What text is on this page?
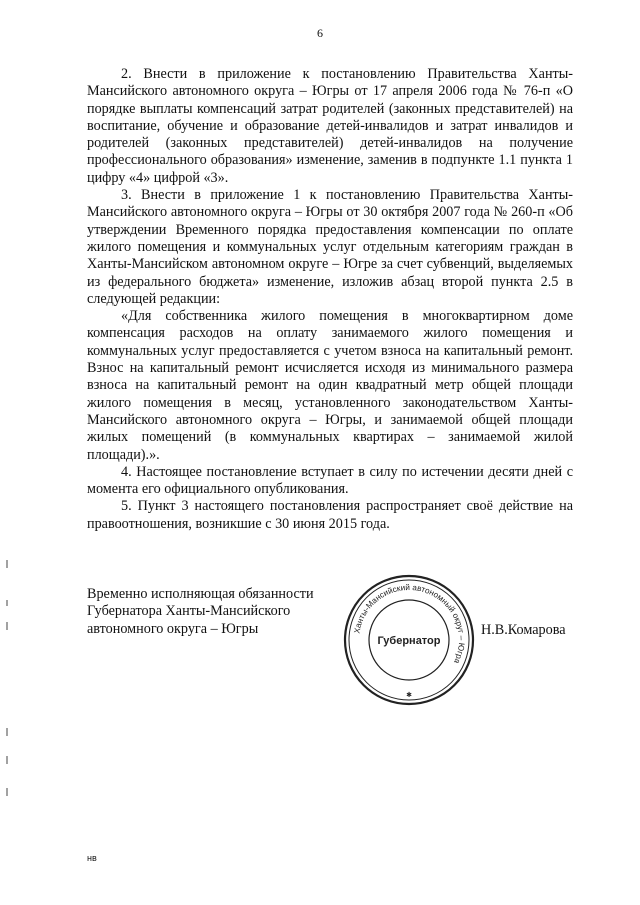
6

2. Внести в приложение к постановлению Правительства Ханты-Мансийского автономного округа – Югры от 17 апреля 2006 года № 76-п «О порядке выплаты компенсаций затрат родителей (законных представителей) на воспитание, обучение и образование детей-инвалидов и затрат инвалидов и родителей (законных представителей) детей-инвалидов на получение профессионального образования» изменение, заменив в подпункте 1.1 пункта 1 цифру «4» цифрой «3».

3. Внести в приложение 1 к постановлению Правительства Ханты-Мансийского автономного округа – Югры от 30 октября 2007 года № 260-п «Об утверждении Временного порядка предоставления компенсации по оплате жилого помещения и коммунальных услуг отдельным категориям граждан в Ханты-Мансийском автономном округе – Югре за счет субвенций, выделяемых из федерального бюджета» изменение, изложив абзац второй пункта 2.5 в следующей редакции:

«Для собственника жилого помещения в многоквартирном доме компенсация расходов на оплату занимаемого жилого помещения и коммунальных услуг предоставляется с учетом взноса на капитальный ремонт. Взнос на капитальный ремонт исчисляется исходя из минимального размера взноса на капитальный ремонт на один квадратный метр общей площади жилого помещения в месяц, установленного законодательством Ханты-Мансийского автономного округа – Югры, и занимаемой общей площади жилых помещений (в коммунальных квартирах – занимаемой жилой площади).».

4. Настоящее постановление вступает в силу по истечении десяти дней с момента его официального опубликования.

5. Пункт 3 настоящего постановления распространяет своё действие на правоотношения, возникшие с 30 июня 2015 года.

Временно исполняющая обязанности
Губернатора Ханты-Мансийского
автономного округа – Югры	Ханты-Мансийский автономный округ – Югра
Губернатор
✱
Н.В.Комарова
нв
